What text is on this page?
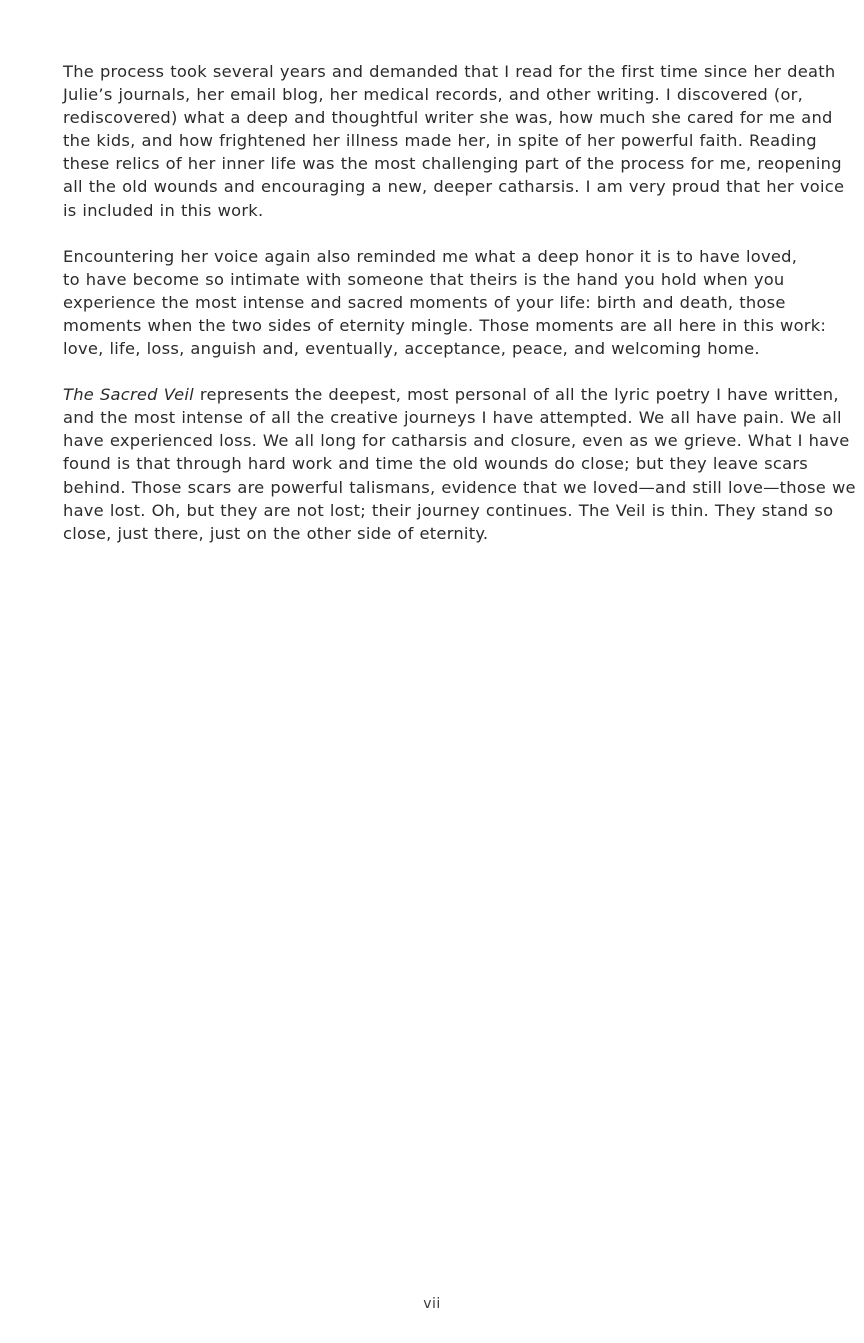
The process took several years and demanded that I read for the first time since her death
Julie’s journals, her email blog, her medical records, and other writing. I discovered (or,
rediscovered) what a deep and thoughtful writer she was, how much she cared for me and
the kids, and how frightened her illness made her, in spite of her powerful faith. Reading
these relics of her inner life was the most challenging part of the process for me, reopening
all the old wounds and encouraging a new, deeper catharsis. I am very proud that her voice
is included in this work.

Encountering her voice again also reminded me what a deep honor it is to have loved,
to have become so intimate with someone that theirs is the hand you hold when you
experience the most intense and sacred moments of your life: birth and death, those
moments when the two sides of eternity mingle. Those moments are all here in this work:
love, life, loss, anguish and, eventually, acceptance, peace, and welcoming home.

The Sacred Veil represents the deepest, most personal of all the lyric poetry I have written,
and the most intense of all the creative journeys I have attempted. We all have pain. We all
have experienced loss. We all long for catharsis and closure, even as we grieve. What I have
found is that through hard work and time the old wounds do close; but they leave scars
behind. Those scars are powerful talismans, evidence that we loved—and still love—those we
have lost. Oh, but they are not lost; their journey continues. The Veil is thin. They stand so
close, just there, just on the other side of eternity.

vii
